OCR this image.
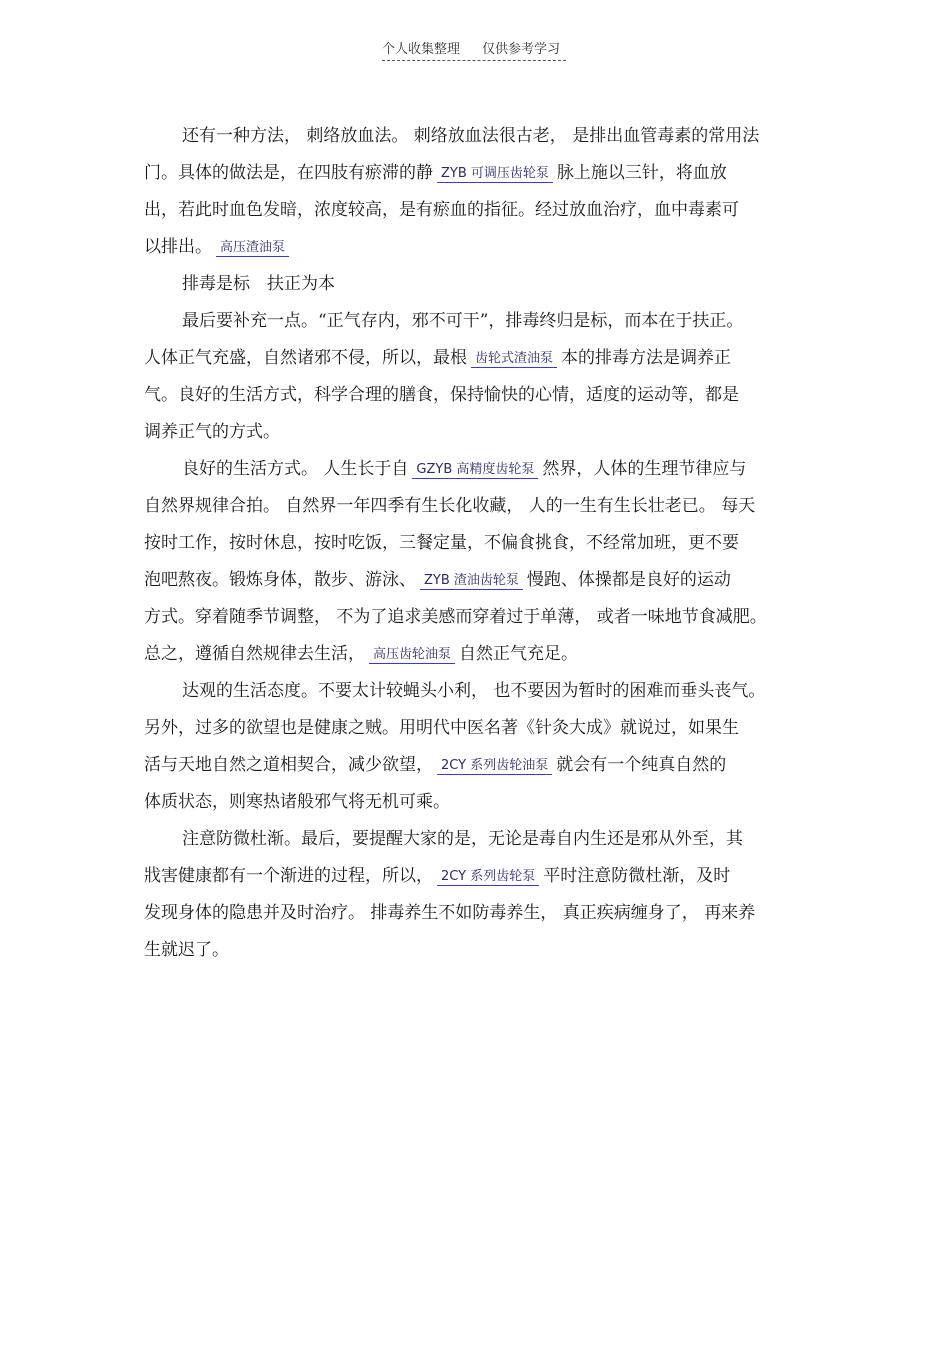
个人收集整理 仅供参考学习
还有一种方法， 刺络放血法。 刺络放血法很古老， 是排出血管毒素的常用法
门。具体的做法是，在四肢有瘀滞的静 ZYB 可调压齿轮泵 脉上施以三针，将血放
出，若此时血色发暗，浓度较高，是有瘀血的指征。经过放血治疗，血中毒素可
以排出。 高压渣油泵
排毒是标　扶正为本
最后要补充一点。“正气存内，邪不可干”，排毒终归是标，而本在于扶正。
人体正气充盛，自然诸邪不侵，所以，最根 齿轮式渣油泵 本的排毒方法是调养正
气。良好的生活方式，科学合理的膳食，保持愉快的心情，适度的运动等，都是
调养正气的方式。
良好的生活方式。 人生长于自 GZYB 高精度齿轮泵 然界，人体的生理节律应与
自然界规律合拍。 自然界一年四季有生长化收藏， 人的一生有生长壮老已。 每天
按时工作，按时休息，按时吃饭，三餐定量，不偏食挑食，不经常加班，更不要
泡吧熬夜。锻炼身体，散步、游泳、 ZYB 渣油齿轮泵 慢跑、体操都是良好的运动
方式。穿着随季节调整， 不为了追求美感而穿着过于单薄， 或者一味地节食减肥。
总之，遵循自然规律去生活， 高压齿轮油泵 自然正气充足。
达观的生活态度。不要太计较蝇头小利， 也不要因为暂时的困难而垂头丧气。
另外，过多的欲望也是健康之贼。用明代中医名著《针灸大成》就说过，如果生
活与天地自然之道相契合，减少欲望， 2CY 系列齿轮油泵 就会有一个纯真自然的
体质状态，则寒热诸般邪气将无机可乘。
注意防微杜渐。最后，要提醒大家的是，无论是毒自内生还是邪从外至，其
戕害健康都有一个渐进的过程，所以， 2CY 系列齿轮泵 平时注意防微杜渐，及时
发现身体的隐患并及时治疗。 排毒养生不如防毒养生， 真正疾病缠身了， 再来养
生就迟了。
